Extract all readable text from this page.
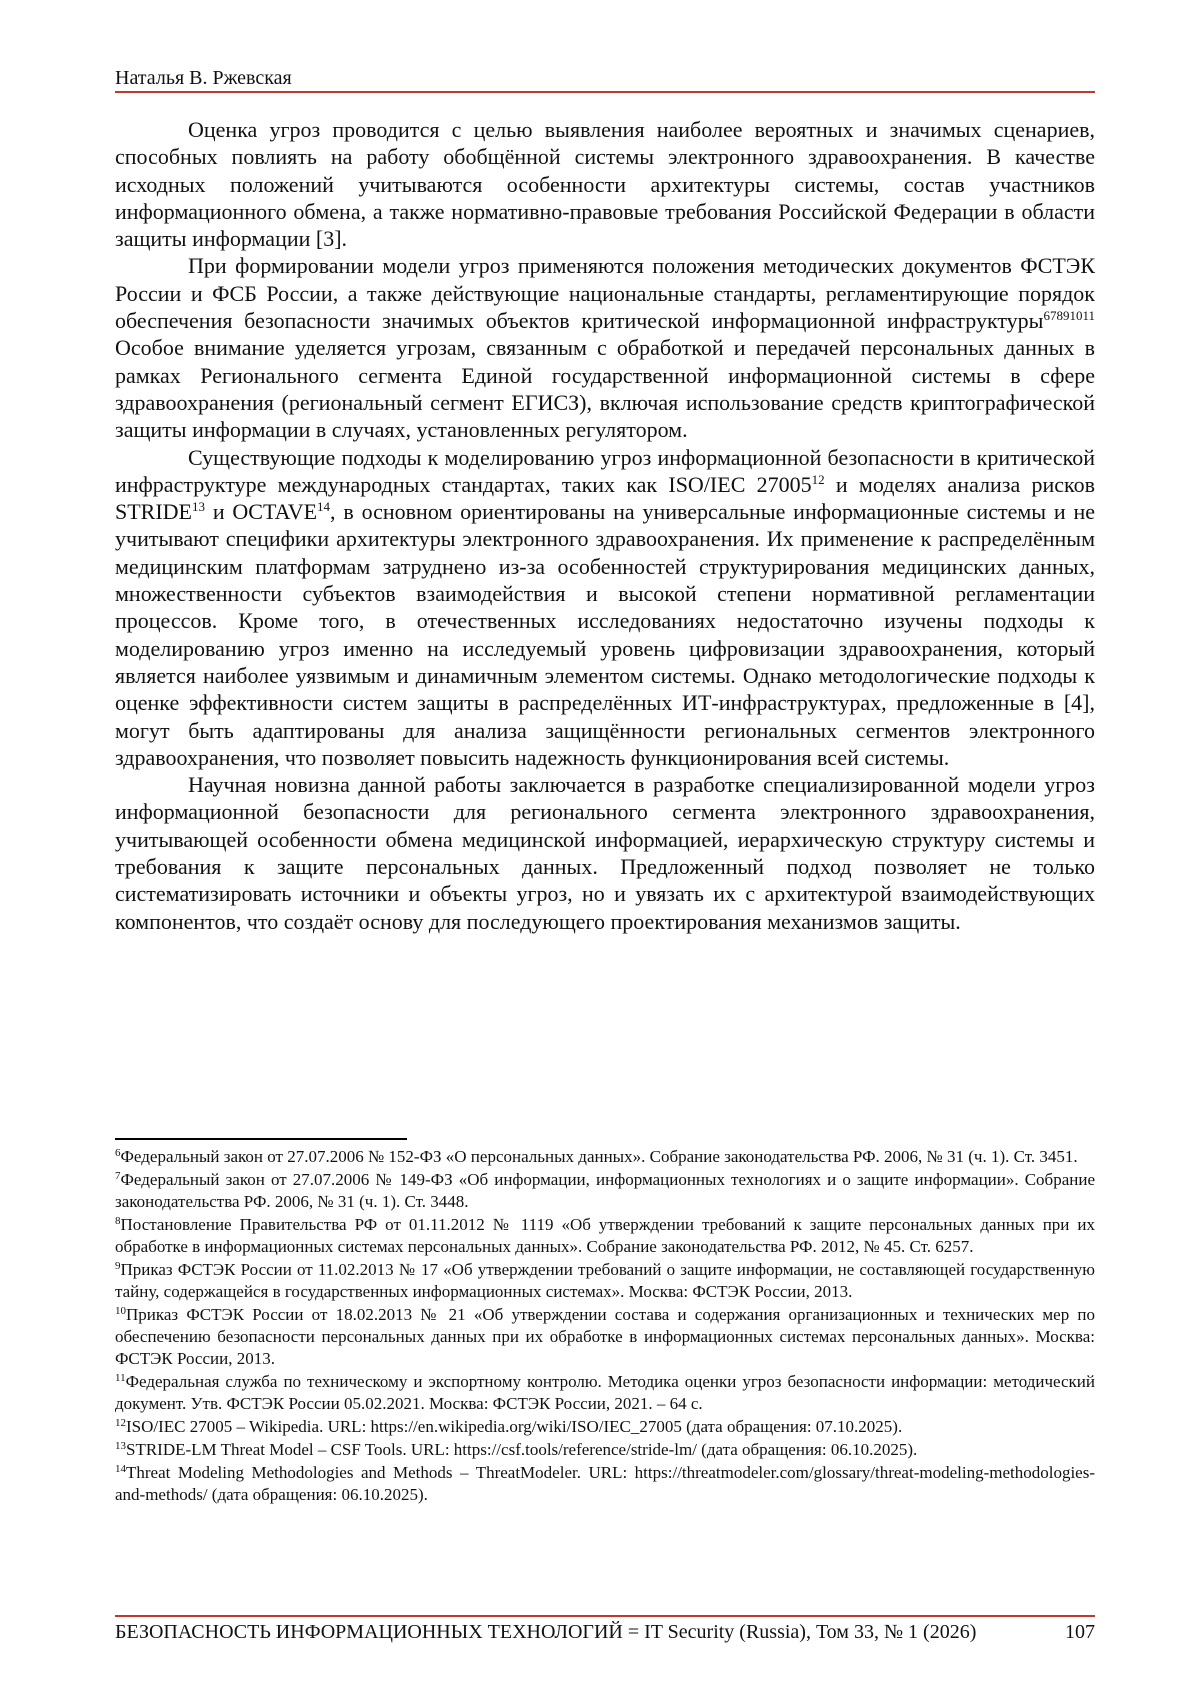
Наталья В. Ржевская

Оценка угроз проводится с целью выявления наиболее вероятных и значимых сценариев, способных повлиять на работу обобщённой системы электронного здравоохранения. В качестве исходных положений учитываются особенности архитектуры системы, состав участников информационного обмена, а также нормативно-правовые требования Российской Федерации в области защиты информации [3].

При формировании модели угроз применяются положения методических документов ФСТЭК России и ФСБ России, а также действующие национальные стандарты, регламентирующие порядок обеспечения безопасности значимых объектов критической информационной инфраструктуры$^{67891011}$ Особое внимание уделяется угрозам, связанным с обработкой и передачей персональных данных в рамках Регионального сегмента Единой государственной информационной системы в сфере здравоохранения (региональный сегмент ЕГИСЗ), включая использование средств криптографической защиты информации в случаях, установленных регулятором.

Существующие подходы к моделированию угроз информационной безопасности в критической инфраструктуре международных стандартах, таких как ISO/IEC 27005$^{12}$ и моделях анализа рисков STRIDE$^{13}$ и OCTAVE$^{14}$, в основном ориентированы на универсальные информационные системы и не учитывают специфики архитектуры электронного здравоохранения. Их применение к распределённым медицинским платформам затруднено из-за особенностей структурирования медицинских данных, множественности субъектов взаимодействия и высокой степени нормативной регламентации процессов. Кроме того, в отечественных исследованиях недостаточно изучены подходы к моделированию угроз именно на исследуемый уровень цифровизации здравоохранения, который является наиболее уязвимым и динамичным элементом системы. Однако методологические подходы к оценке эффективности систем защиты в распределённых ИТ-инфраструктурах, предложенные в [4], могут быть адаптированы для анализа защищённости региональных сегментов электронного здравоохранения, что позволяет повысить надежность функционирования всей системы.

Научная новизна данной работы заключается в разработке специализированной модели угроз информационной безопасности для регионального сегмента электронного здравоохранения, учитывающей особенности обмена медицинской информацией, иерархическую структуру системы и требования к защите персональных данных. Предложенный подход позволяет не только систематизировать источники и объекты угроз, но и увязать их с архитектурой взаимодействующих компонентов, что создаёт основу для последующего проектирования механизмов защиты.

$^6$Федеральный закон от 27.07.2006 № 152-ФЗ «О персональных данных». Собрание законодательства РФ. 2006, № 31 (ч. 1). Ст. 3451.

$^7$Федеральный закон от 27.07.2006 № 149-ФЗ «Об информации, информационных технологиях и о защите информации». Собрание законодательства РФ. 2006, № 31 (ч. 1). Ст. 3448.

$^8$Постановление Правительства РФ от 01.11.2012 № 1119 «Об утверждении требований к защите персональных данных при их обработке в информационных системах персональных данных». Собрание законодательства РФ. 2012, № 45. Ст. 6257.

$^9$Приказ ФСТЭК России от 11.02.2013 № 17 «Об утверждении требований о защите информации, не составляющей государственную тайну, содержащейся в государственных информационных системах». Москва: ФСТЭК России, 2013.

$^{10}$Приказ ФСТЭК России от 18.02.2013 № 21 «Об утверждении состава и содержания организационных и технических мер по обеспечению безопасности персональных данных при их обработке в информационных системах персональных данных». Москва: ФСТЭК России, 2013.

$^{11}$Федеральная служба по техническому и экспортному контролю. Методика оценки угроз безопасности информации: методический документ. Утв. ФСТЭК России 05.02.2021. Москва: ФСТЭК России, 2021. – 64 с.

$^{12}$ISO/IEC 27005 – Wikipedia. URL: https://en.wikipedia.org/wiki/ISO/IEC_27005 (дата обращения: 07.10.2025).

$^{13}$STRIDE-LM Threat Model – CSF Tools. URL: https://csf.tools/reference/stride-lm/ (дата обращения: 06.10.2025).

$^{14}$Threat Modeling Methodologies and Methods – ThreatModeler. URL: https://threatmodeler.com/glossary/threat-modeling-methodologies-and-methods/ (дата обращения: 06.10.2025).

БЕЗОПАСНОСТЬ ИНФОРМАЦИОННЫХ ТЕХНОЛОГИЙ = IT Security (Russia), Том 33, № 1 (2026)	107
